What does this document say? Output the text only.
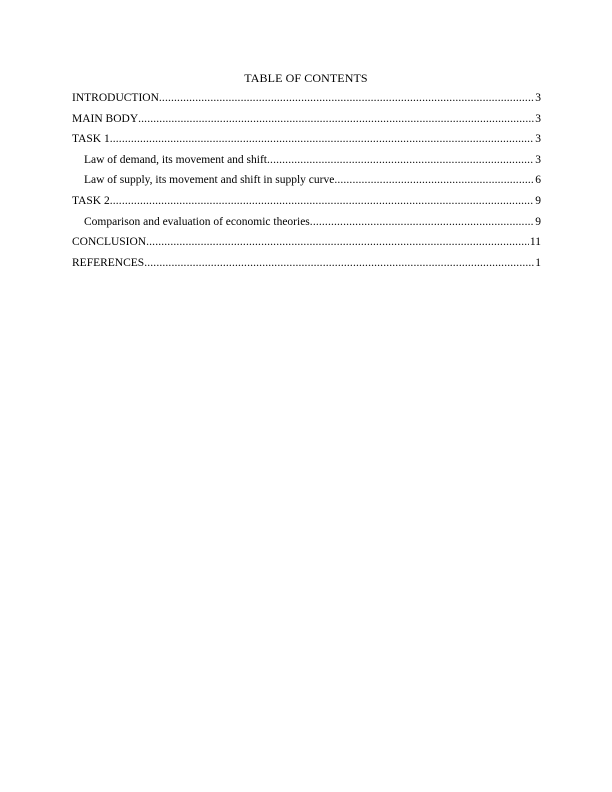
TABLE OF CONTENTS
INTRODUCTION .....	3
MAIN BODY .....	3
TASK 1 .....	3
Law of demand, its movement and shift .....	3
Law of supply, its movement and shift in supply curve .....	6
TASK 2 .....	9
Comparison and evaluation of economic theories .....	9
CONCLUSION .....	11
REFERENCES .....	1
